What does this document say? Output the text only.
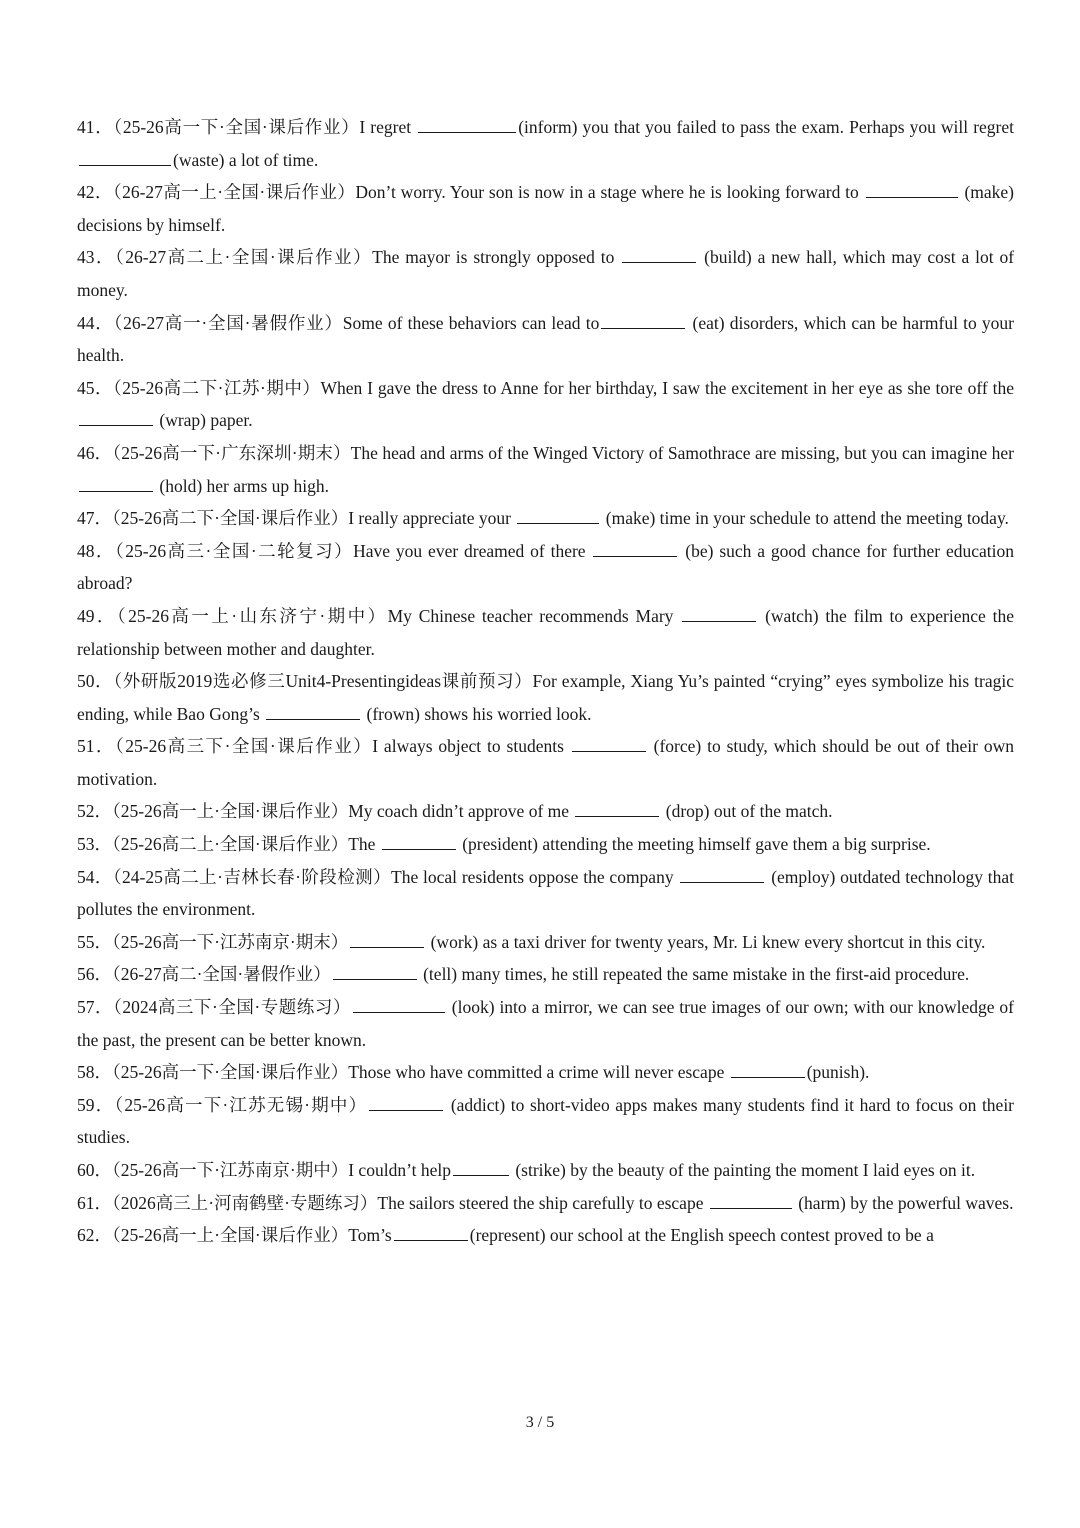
41．（25-26高一下·全国·课后作业）I regret	(inform) you that you failed to pass the exam. Perhaps you will regret (waste) a lot of time.

42．（26-27高一上·全国·课后作业）Don’t worry. Your son is now in a stage where he is looking forward to	(make) decisions by himself.

43．（26-27高二上·全国·课后作业）The mayor is strongly opposed to	(build) a new hall, which may cost a lot of money.

44．（26-27高一·全国·暑假作业）Some of these behaviors can lead to	(eat) disorders, which can be harmful to your health.

45．（25-26高二下·江苏·期中）When I gave the dress to Anne for her birthday, I saw the excitement in her eye as she tore off the  (wrap) paper.

46．（25-26高一下·广东深圳·期末）The head and arms of the Winged Victory of Samothrace are missing, but you can imagine her  (hold) her arms up high.

47．（25-26高二下·全国·课后作业）I really appreciate your	(make) time in your schedule to attend the meeting today.

48．（25-26高三·全国·二轮复习）Have you ever dreamed of there	(be) such a good chance for further education abroad?

49．（25-26高一上·山东济宁·期中）My Chinese teacher recommends Mary	(watch) the film to experience the relationship between mother and daughter.

50．（外研版2019选必修三Unit4-Presentingideas课前预习）For example, Xiang Yu’s painted “crying” eyes symbolize his tragic ending, while Bao Gong’s	(frown) shows his worried look.

51．（25-26高三下·全国·课后作业）I always object to students	(force) to study, which should be out of their own motivation.

52．（25-26高一上·全国·课后作业）My coach didn’t approve of me	(drop) out of the match.

53．（25-26高二上·全国·课后作业）The	(president) attending the meeting himself gave them a big surprise.

54．（24-25高二上·吉林长春·阶段检测）The local residents oppose the company	(employ) outdated technology that pollutes the environment.

55．（25-26高一下·江苏南京·期末）	(work) as a taxi driver for twenty years, Mr. Li knew every shortcut in this city.

56．（26-27高二·全国·暑假作业）	(tell) many times, he still repeated the same mistake in the first-aid procedure.

57．（2024高三下·全国·专题练习）	(look) into a mirror, we can see true images of our own; with our knowledge of the past, the present can be better known.

58．（25-26高一下·全国·课后作业）Those who have committed a crime will never escape	(punish).

59．（25-26高一下·江苏无锡·期中）	(addict) to short-video apps makes many students find it hard to focus on their studies.

60．（25-26高一下·江苏南京·期中）I couldn’t help	(strike) by the beauty of the painting the moment I laid eyes on it.

61．（2026高三上·河南鹤壁·专题练习）The sailors steered the ship carefully to escape	(harm) by the powerful waves.

62．（25-26高一上·全国·课后作业）Tom’s	(represent) our school at the English speech contest proved to be a

3 / 5
